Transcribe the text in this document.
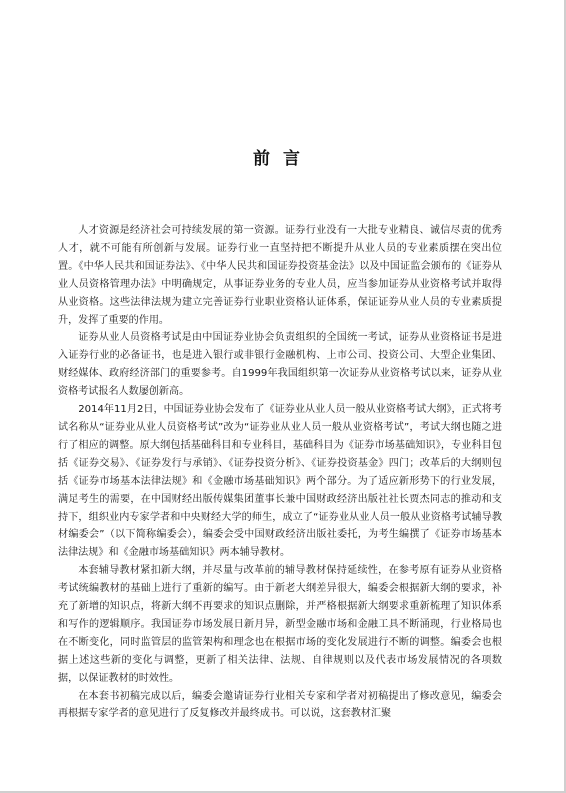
前言

人才资源是经济社会可持续发展的第一资源。证券行业没有一大批专业精良、诚信尽责的优秀人才，就不可能有所创新与发展。证券行业一直坚持把不断提升从业人员的专业素质摆在突出位置。《中华人民共和国证券法》、《中华人民共和国证券投资基金法》以及中国证监会颁布的《证券从业人员资格管理办法》中明确规定，从事证券业务的专业人员，应当参加证券从业资格考试并取得从业资格。这些法律法规为建立完善证券行业职业资格认证体系，保证证券从业人员的专业素质提升，发挥了重要的作用。

证券从业人员资格考试是由中国证券业协会负责组织的全国统一考试，证券从业资格证书是进入证券行业的必备证书，也是进入银行或非银行金融机构、上市公司、投资公司、大型企业集团、财经媒体、政府经济部门的重要参考。自1999年我国组织第一次证券从业资格考试以来，证券从业资格考试报名人数屡创新高。

2014年11月2日，中国证券业协会发布了《证券业从业人员一般从业资格考试大纲》，正式将考试名称从“证券业从业人员资格考试”改为“证券业从业人员一般从业资格考试”，考试大纲也随之进行了相应的调整。原大纲包括基础科目和专业科目，基础科目为《证券市场基础知识》，专业科目包括《证券交易》、《证券发行与承销》、《证券投资分析》、《证券投资基金》四门；改革后的大纲则包括《证券市场基本法律法规》和《金融市场基础知识》两个部分。为了适应新形势下的行业发展，满足考生的需要，在中国财经出版传媒集团董事长兼中国财政经济出版社社长贾杰同志的推动和支持下，组织业内专家学者和中央财经大学的师生，成立了“证券业从业人员一般从业资格考试辅导教材编委会”（以下简称编委会），编委会受中国财政经济出版社委托，为考生编撰了《证券市场基本法律法规》和《金融市场基础知识》两本辅导教材。

本套辅导教材紧扣新大纲，并尽量与改革前的辅导教材保持延续性，在参考原有证券从业资格考试统编教材的基础上进行了重新的编写。由于新老大纲差异很大，编委会根据新大纲的要求，补充了新增的知识点，将新大纲不再要求的知识点删除，并严格根据新大纲要求重新梳理了知识体系和写作的逻辑顺序。我国证券市场发展日新月异，新型金融市场和金融工具不断涌现，行业格局也在不断变化，同时监管层的监管架构和理念也在根据市场的变化发展进行不断的调整。编委会也根据上述这些新的变化与调整，更新了相关法律、法规、自律规则以及代表市场发展情况的各项数据，以保证教材的时效性。

在本套书初稿完成以后，编委会邀请证券行业相关专家和学者对初稿提出了修改意见，编委会再根据专家学者的意见进行了反复修改并最终成书。可以说，这套教材汇聚
